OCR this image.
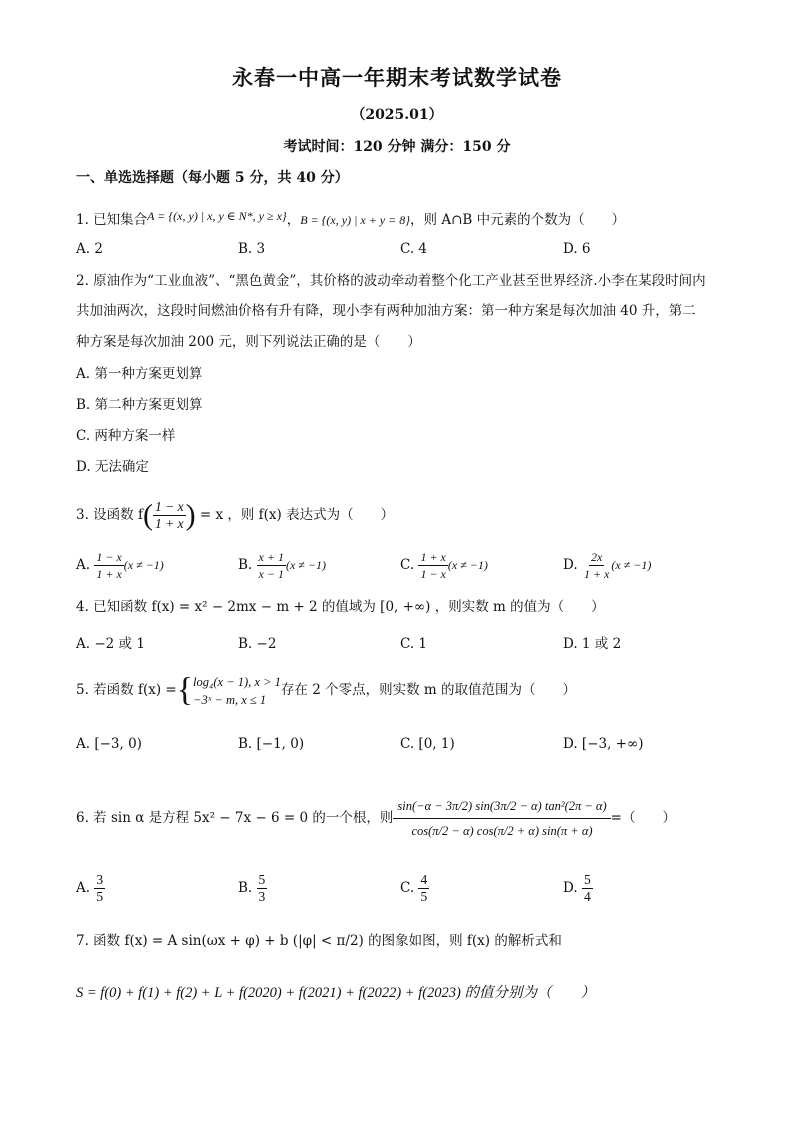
永春一中高一年期末考试数学试卷
（2025.01）
考试时间：120 分钟 满分：150 分
一、单选选择题（每小题 5 分，共 40 分）
1. 已知集合A = {(x, y) | x, y ∈ N*, y ≥ x}，B = {(x, y) | x + y = 8}，则 A∩B 中元素的个数为（　　）
A. 2	B. 3	C. 4	D. 6
2. 原油作为“工业血液”、“黑色黄金”，其价格的波动牵动着整个化工产业甚至世界经济.小李在某段时间内
共加油两次，这段时间燃油价格有升有降，现小李有两种加油方案：第一种方案是每次加油 40 升，第二
种方案是每次加油 200 元，则下列说法正确的是（　　）
A. 第一种方案更划算
B. 第二种方案更划算
C. 两种方案一样
D. 无法确定
3. 设函数 $f( \frac{1 - x}{1 + x}$ ) = x ，则 f(x) 表达式为（　　）
A. $\frac{1 - x}{1 + x} (x \ne -1)$	B. $\frac{x + 1}{x - 1} (x \ne -1)$	C. $\frac{1 + x}{1 - x} (x \ne -1)$	D. $\frac{2x}{1 + x} (x \ne -1)$
4. 已知函数 f(x) = x² − 2mx − m + 2 的值域为 [0, +∞) ，则实数 m 的值为（　　）
A. −2 或 1	B. −2	C. 1	D. 1 或 2
5. 若函数 f(x) ={ log₄(x − 1), x > 1
−3ˣ − m, x ≤ 1
存在 2 个零点，则实数 m 的取值范围为（　　）
A. [−3, 0)	B. [−1, 0)	C. [0, 1)	D. [−3, +∞)
6. 若 sin α 是方程 5x² − 7x − 6 = 0 的一个根，则 $\frac{\text{sin(−α − 3π/2) sin(3π/2 − α) tan²(2π − α)}}{\cos(\pi/2 - \alpha) \cos(\pi/2 + \alpha) \sin(\pi + \alpha)}$ =（　　）
A. $\frac{3}{5}$	B. $\frac{5}{3}$	C. $\frac{4}{5}$	D. $\frac{5}{4}$
7. 函数 f(x) = A sin(ωx + φ) + b (|φ| < π/2) 的图象如图，则 f(x) 的解析式和
S = f(0) + f(1) + f(2) + L + f(2020) + f(2021) + f(2022) + f(2023) 的值分别为（　　）
